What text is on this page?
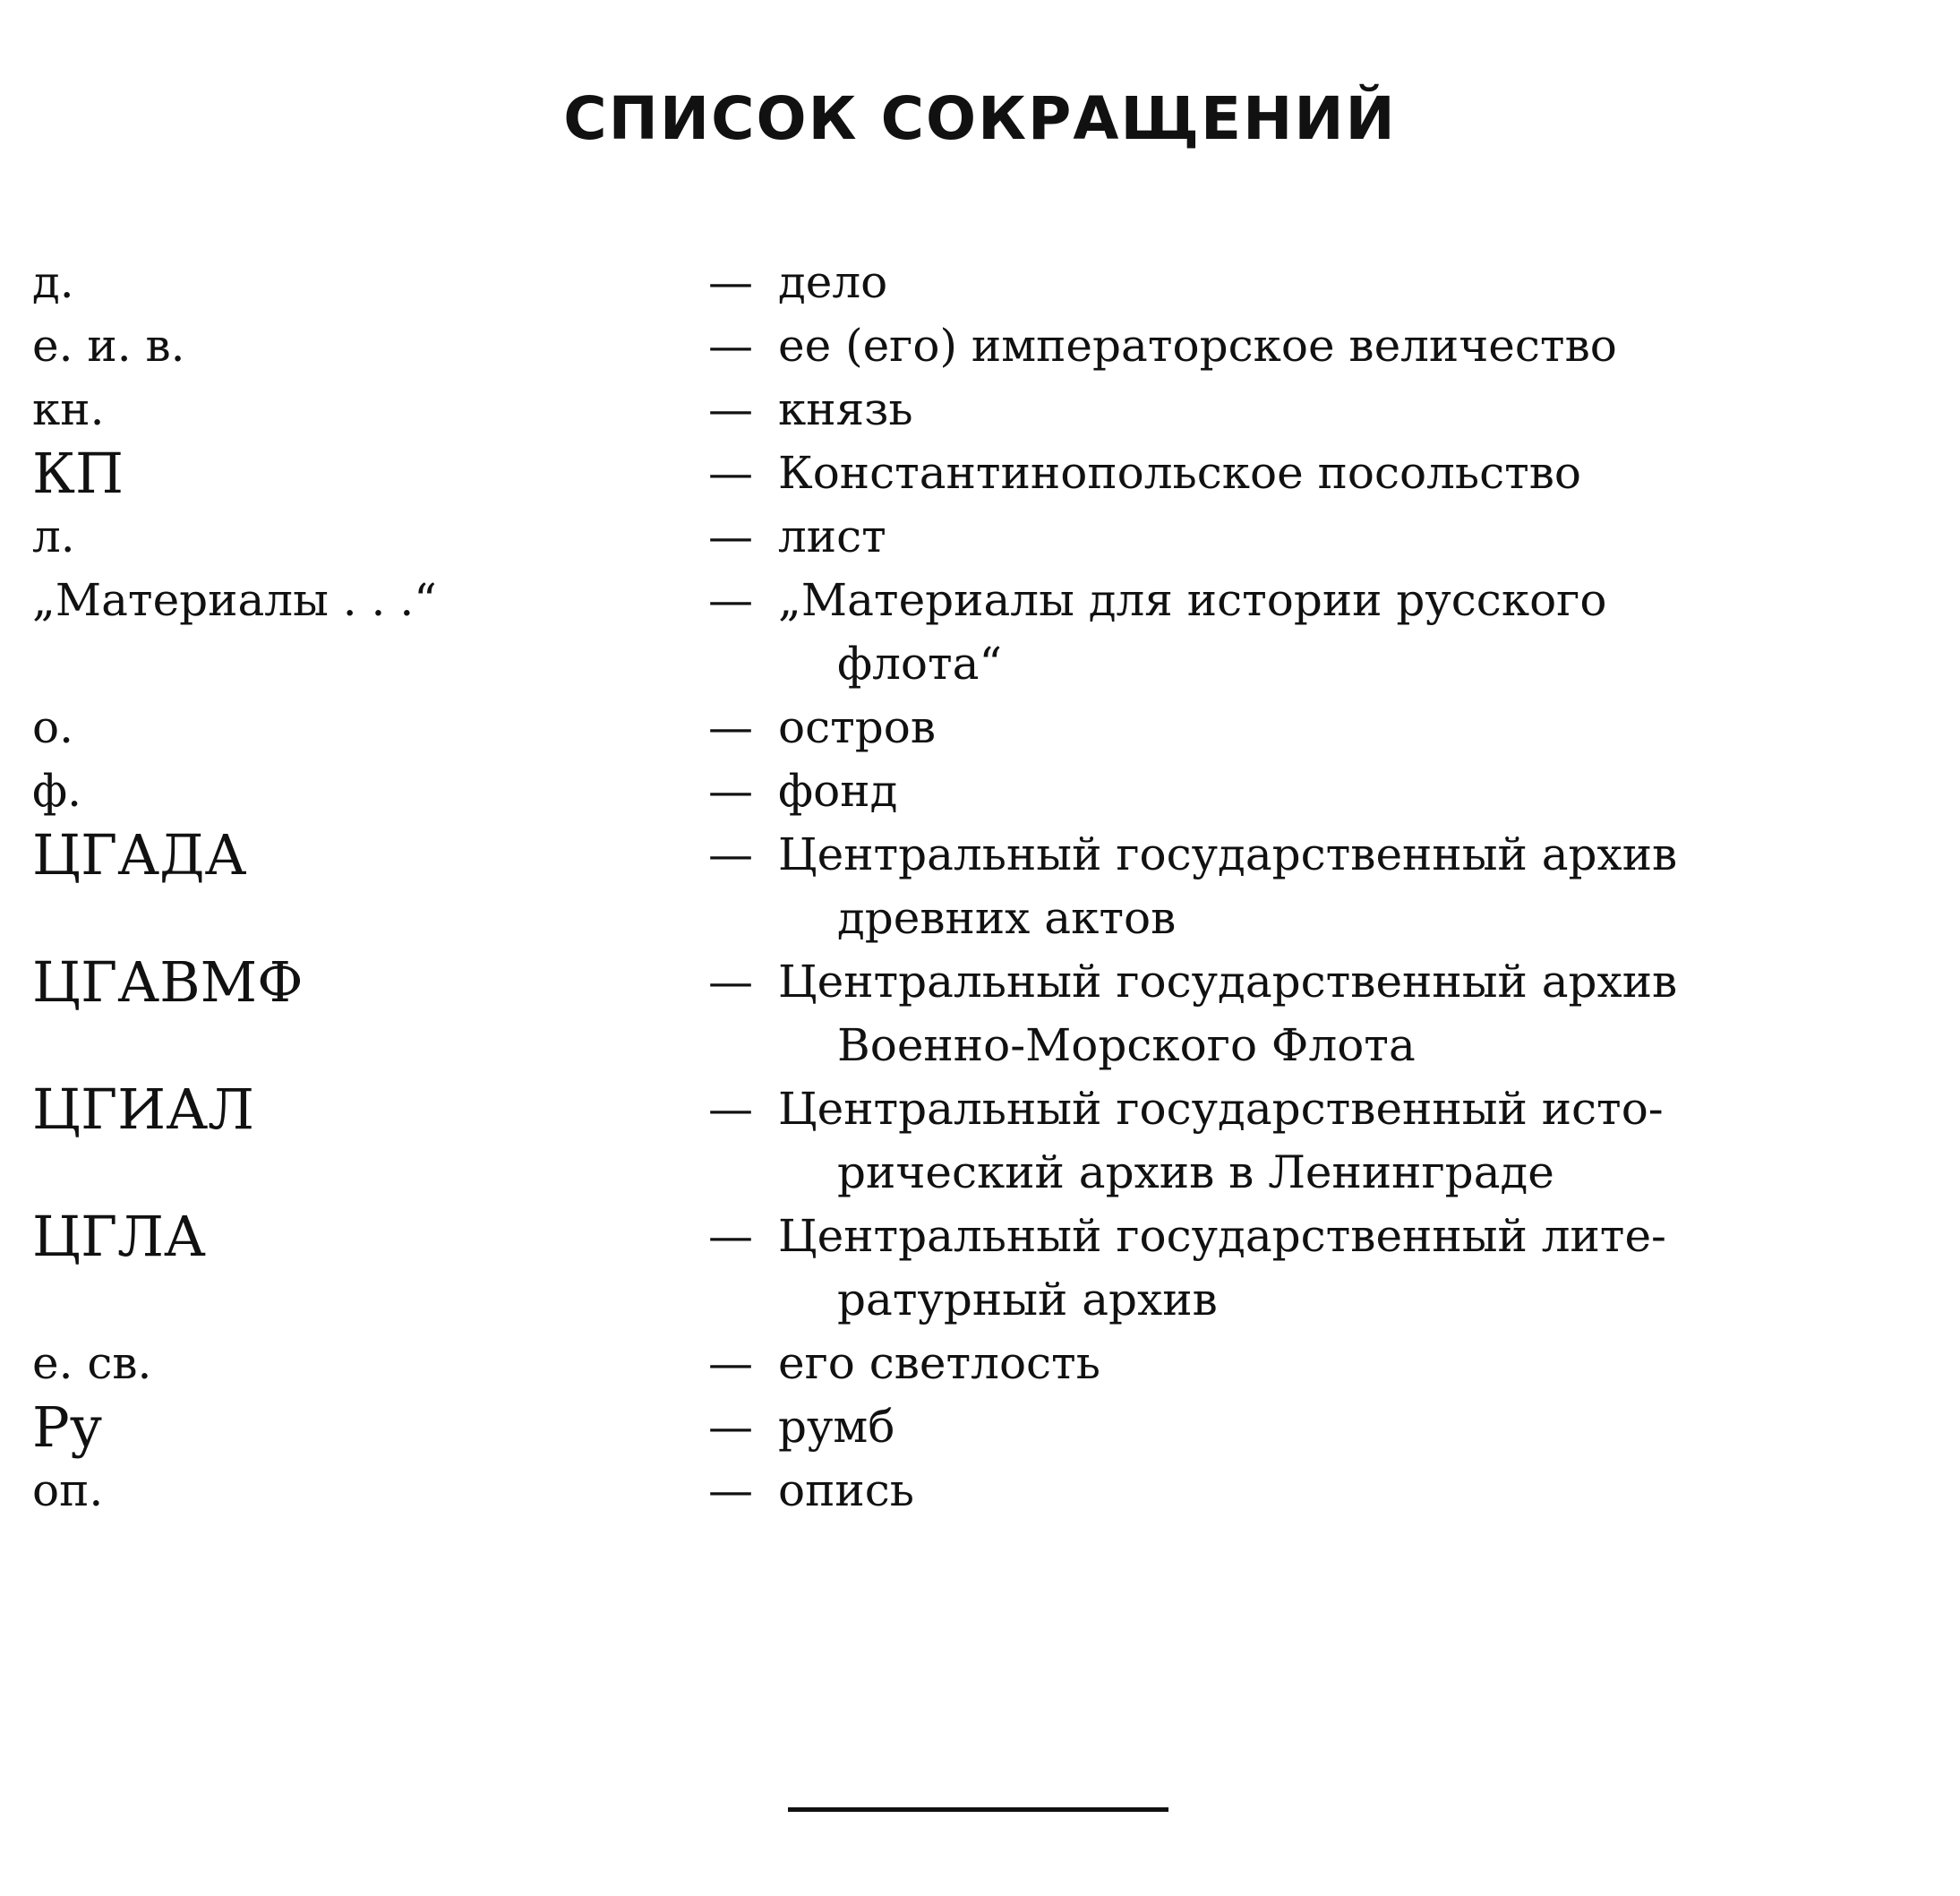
СПИСОК СОКРАЩЕНИЙ
д.	— дело
е. и. в.	— ее (его) императорское величество
кн.	— князь
КП	— Константинопольское посольство
л.	— лист
„Материалы . . .“	— „Материалы для истории русского
флота“
о.	— остров
ф.	— фонд
ЦГАДА	— Центральный государственный архив
древних актов
ЦГАВМФ	— Центральный государственный архив
Военно-Морского Флота
ЦГИАЛ	— Центральный государственный исто-
рический архив в Ленинграде
ЦГЛА	— Центральный государственный лите-
ратурный архив
е. св.	— его светлость
Ру	— румб
оп.	— опись
